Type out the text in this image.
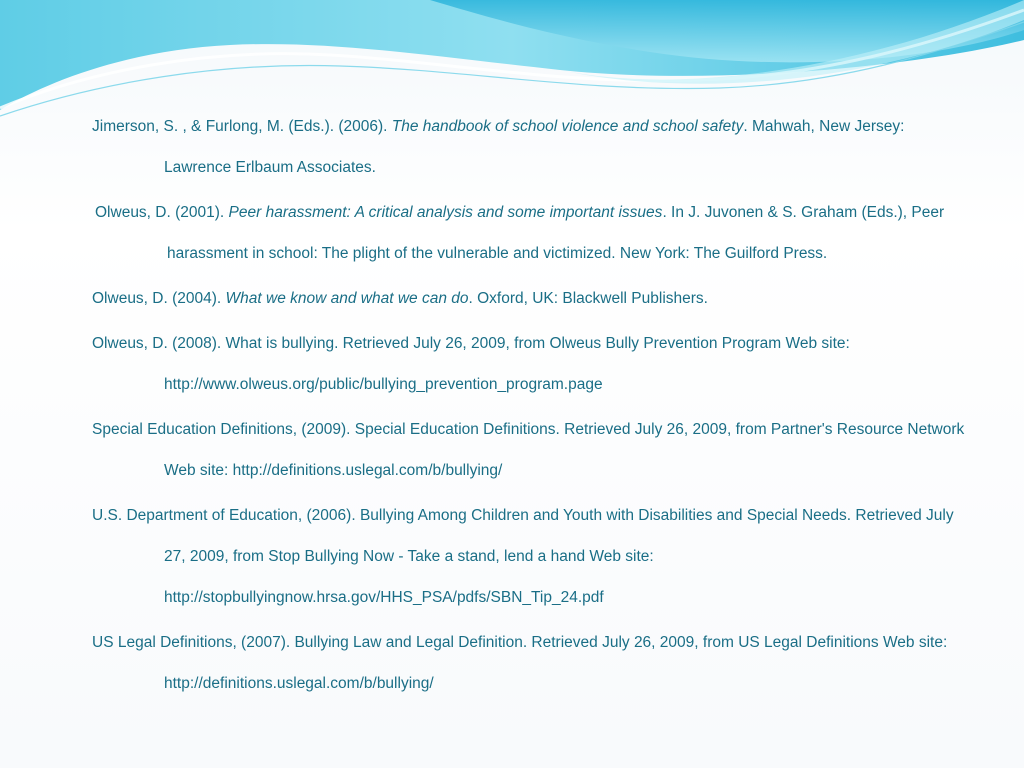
Jimerson, S. , & Furlong, M. (Eds.). (2006). The handbook of school violence and school safety. Mahwah, New Jersey: Lawrence Erlbaum Associates.

Olweus, D. (2001). Peer harassment: A critical analysis and some important issues. In J. Juvonen & S. Graham (Eds.), Peer harassment in school: The plight of the vulnerable and victimized. New York: The Guilford Press.

Olweus, D. (2004). What we know and what we can do. Oxford, UK: Blackwell Publishers.

Olweus, D. (2008). What is bullying. Retrieved July 26, 2009, from Olweus Bully Prevention Program Web site: http://www.olweus.org/public/bullying_prevention_program.page

Special Education Definitions, (2009). Special Education Definitions. Retrieved July 26, 2009, from Partner's Resource Network Web site: http://definitions.uslegal.com/b/bullying/

U.S. Department of Education, (2006). Bullying Among Children and Youth with Disabilities and Special Needs. Retrieved July 27, 2009, from Stop Bullying Now - Take a stand, lend a hand Web site: http://stopbullyingnow.hrsa.gov/HHS_PSA/pdfs/SBN_Tip_24.pdf

US Legal Definitions, (2007). Bullying Law and Legal Definition. Retrieved July 26, 2009, from US Legal Definitions Web site: http://definitions.uslegal.com/b/bullying/
